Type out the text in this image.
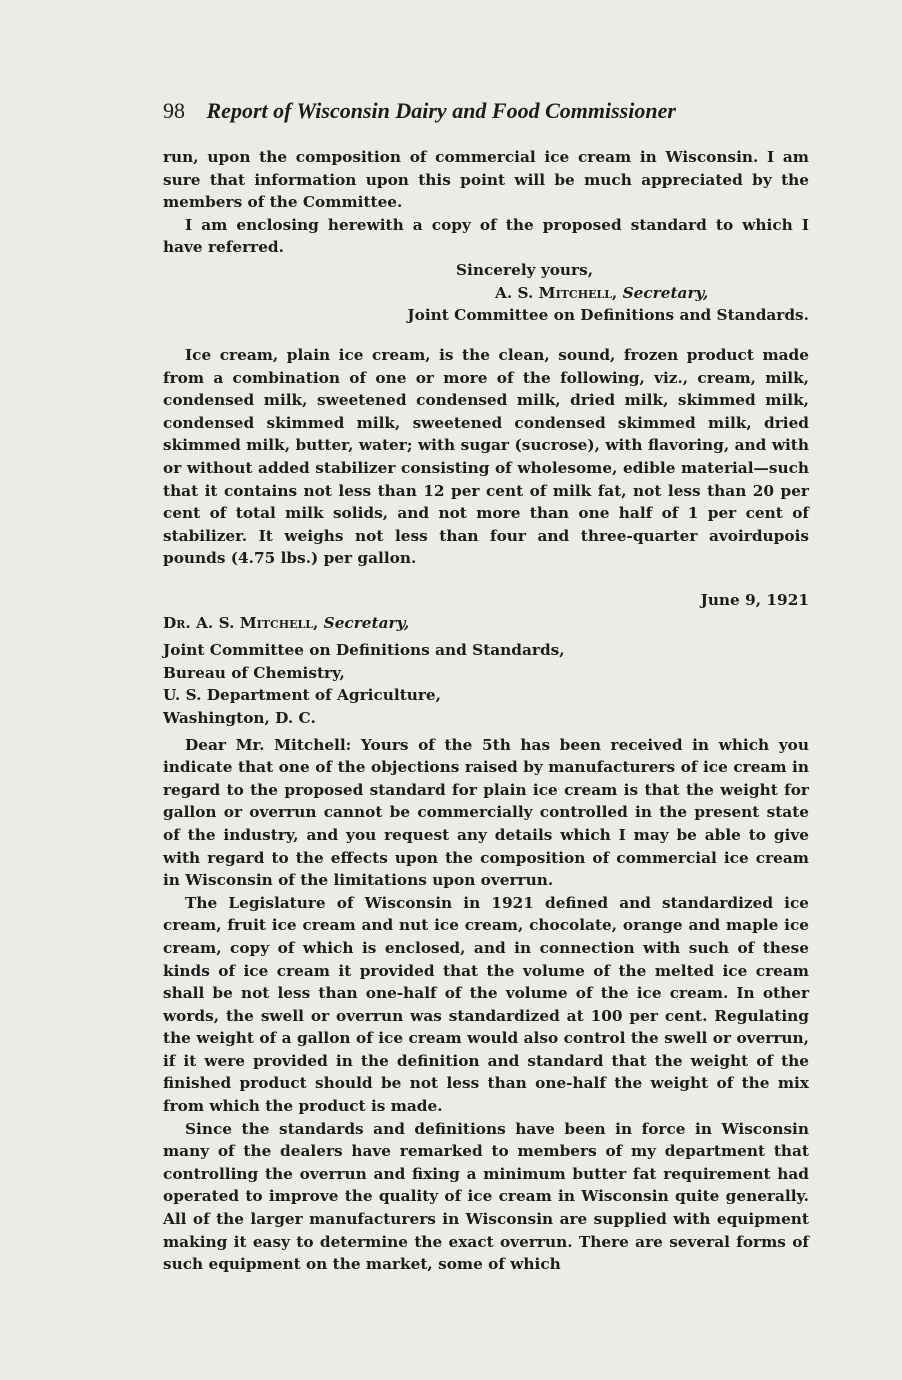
98 Report of Wisconsin Dairy and Food Commissioner

run, upon the composition of commercial ice cream in Wisconsin. I am sure that information upon this point will be much appreciated by the members of the Committee.

I am enclosing herewith a copy of the proposed standard to which I have referred.

Sincerely yours,
A. S. Mitchell, Secretary,
Joint Committee on Definitions and Standards.

Ice cream, plain ice cream, is the clean, sound, frozen product made from a combination of one or more of the following, viz., cream, milk, condensed milk, sweetened condensed milk, dried milk, skimmed milk, condensed skimmed milk, sweetened condensed skimmed milk, dried skimmed milk, butter, water; with sugar (sucrose), with flavoring, and with or without added stabilizer consisting of wholesome, edible material—such that it contains not less than 12 per cent of milk fat, not less than 20 per cent of total milk solids, and not more than one half of 1 per cent of stabilizer. It weighs not less than four and three-quarter avoirdupois pounds (4.75 lbs.) per gallon.

June 9, 1921
Dr. A. S. Mitchell, Secretary,
Joint Committee on Definitions and Standards,
Bureau of Chemistry,
U. S. Department of Agriculture,
Washington, D. C.

Dear Mr. Mitchell: Yours of the 5th has been received in which you indicate that one of the objections raised by manufacturers of ice cream in regard to the proposed standard for plain ice cream is that the weight for gallon or overrun cannot be commercially controlled in the present state of the industry, and you request any details which I may be able to give with regard to the effects upon the composition of commercial ice cream in Wisconsin of the limitations upon overrun.

The Legislature of Wisconsin in 1921 defined and standardized ice cream, fruit ice cream and nut ice cream, chocolate, orange and maple ice cream, copy of which is enclosed, and in connection with such of these kinds of ice cream it provided that the volume of the melted ice cream shall be not less than one-half of the volume of the ice cream. In other words, the swell or overrun was standardized at 100 per cent. Regulating the weight of a gallon of ice cream would also control the swell or overrun, if it were provided in the definition and standard that the weight of the finished product should be not less than one-half the weight of the mix from which the product is made.

Since the standards and definitions have been in force in Wisconsin many of the dealers have remarked to members of my department that controlling the overrun and fixing a minimum butter fat requirement had operated to improve the quality of ice cream in Wisconsin quite generally. All of the larger manufacturers in Wisconsin are supplied with equipment making it easy to determine the exact overrun. There are several forms of such equipment on the market, some of which
